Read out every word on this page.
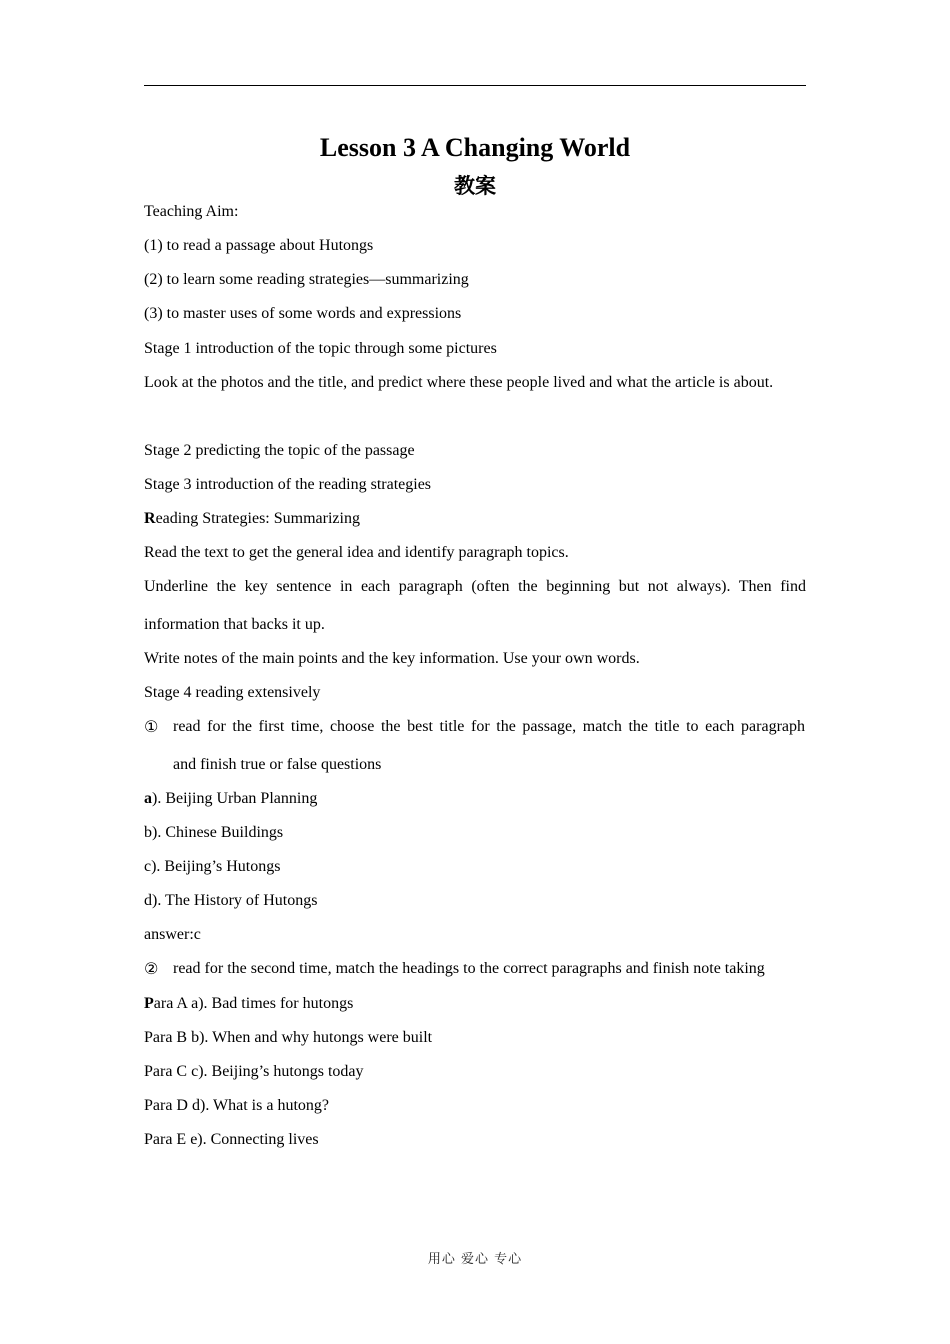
Lesson 3 A Changing World
教案
Teaching Aim:
(1) to read a passage about Hutongs
(2) to learn some reading strategies—summarizing
(3) to master uses of some words and expressions
Stage 1 introduction of the topic through some pictures
Look at the photos and the title, and predict where these people lived and what the article is about.
Stage 2 predicting the topic of the passage
Stage 3 introduction of the reading strategies
Reading Strategies: Summarizing
Read the text to get the general idea and identify paragraph topics.
Underline the key sentence in each paragraph (often the beginning but not always). Then find
information that backs it up.
Write notes of the main points and the key information. Use your own words.
Stage 4 reading extensively
① read for the first time, choose the best title for the passage, match the title to each paragraph
and finish true or false questions
a). Beijing Urban Planning
b). Chinese Buildings
c). Beijing’s Hutongs
d). The History of Hutongs
answer:c
② read for the second time, match the headings to the correct paragraphs and finish note taking
Para A a). Bad times for hutongs
Para B b). When and why hutongs were built
Para C c). Beijing’s hutongs today
Para D d). What is a hutong?
Para E e). Connecting lives
用心 爱心 专心
